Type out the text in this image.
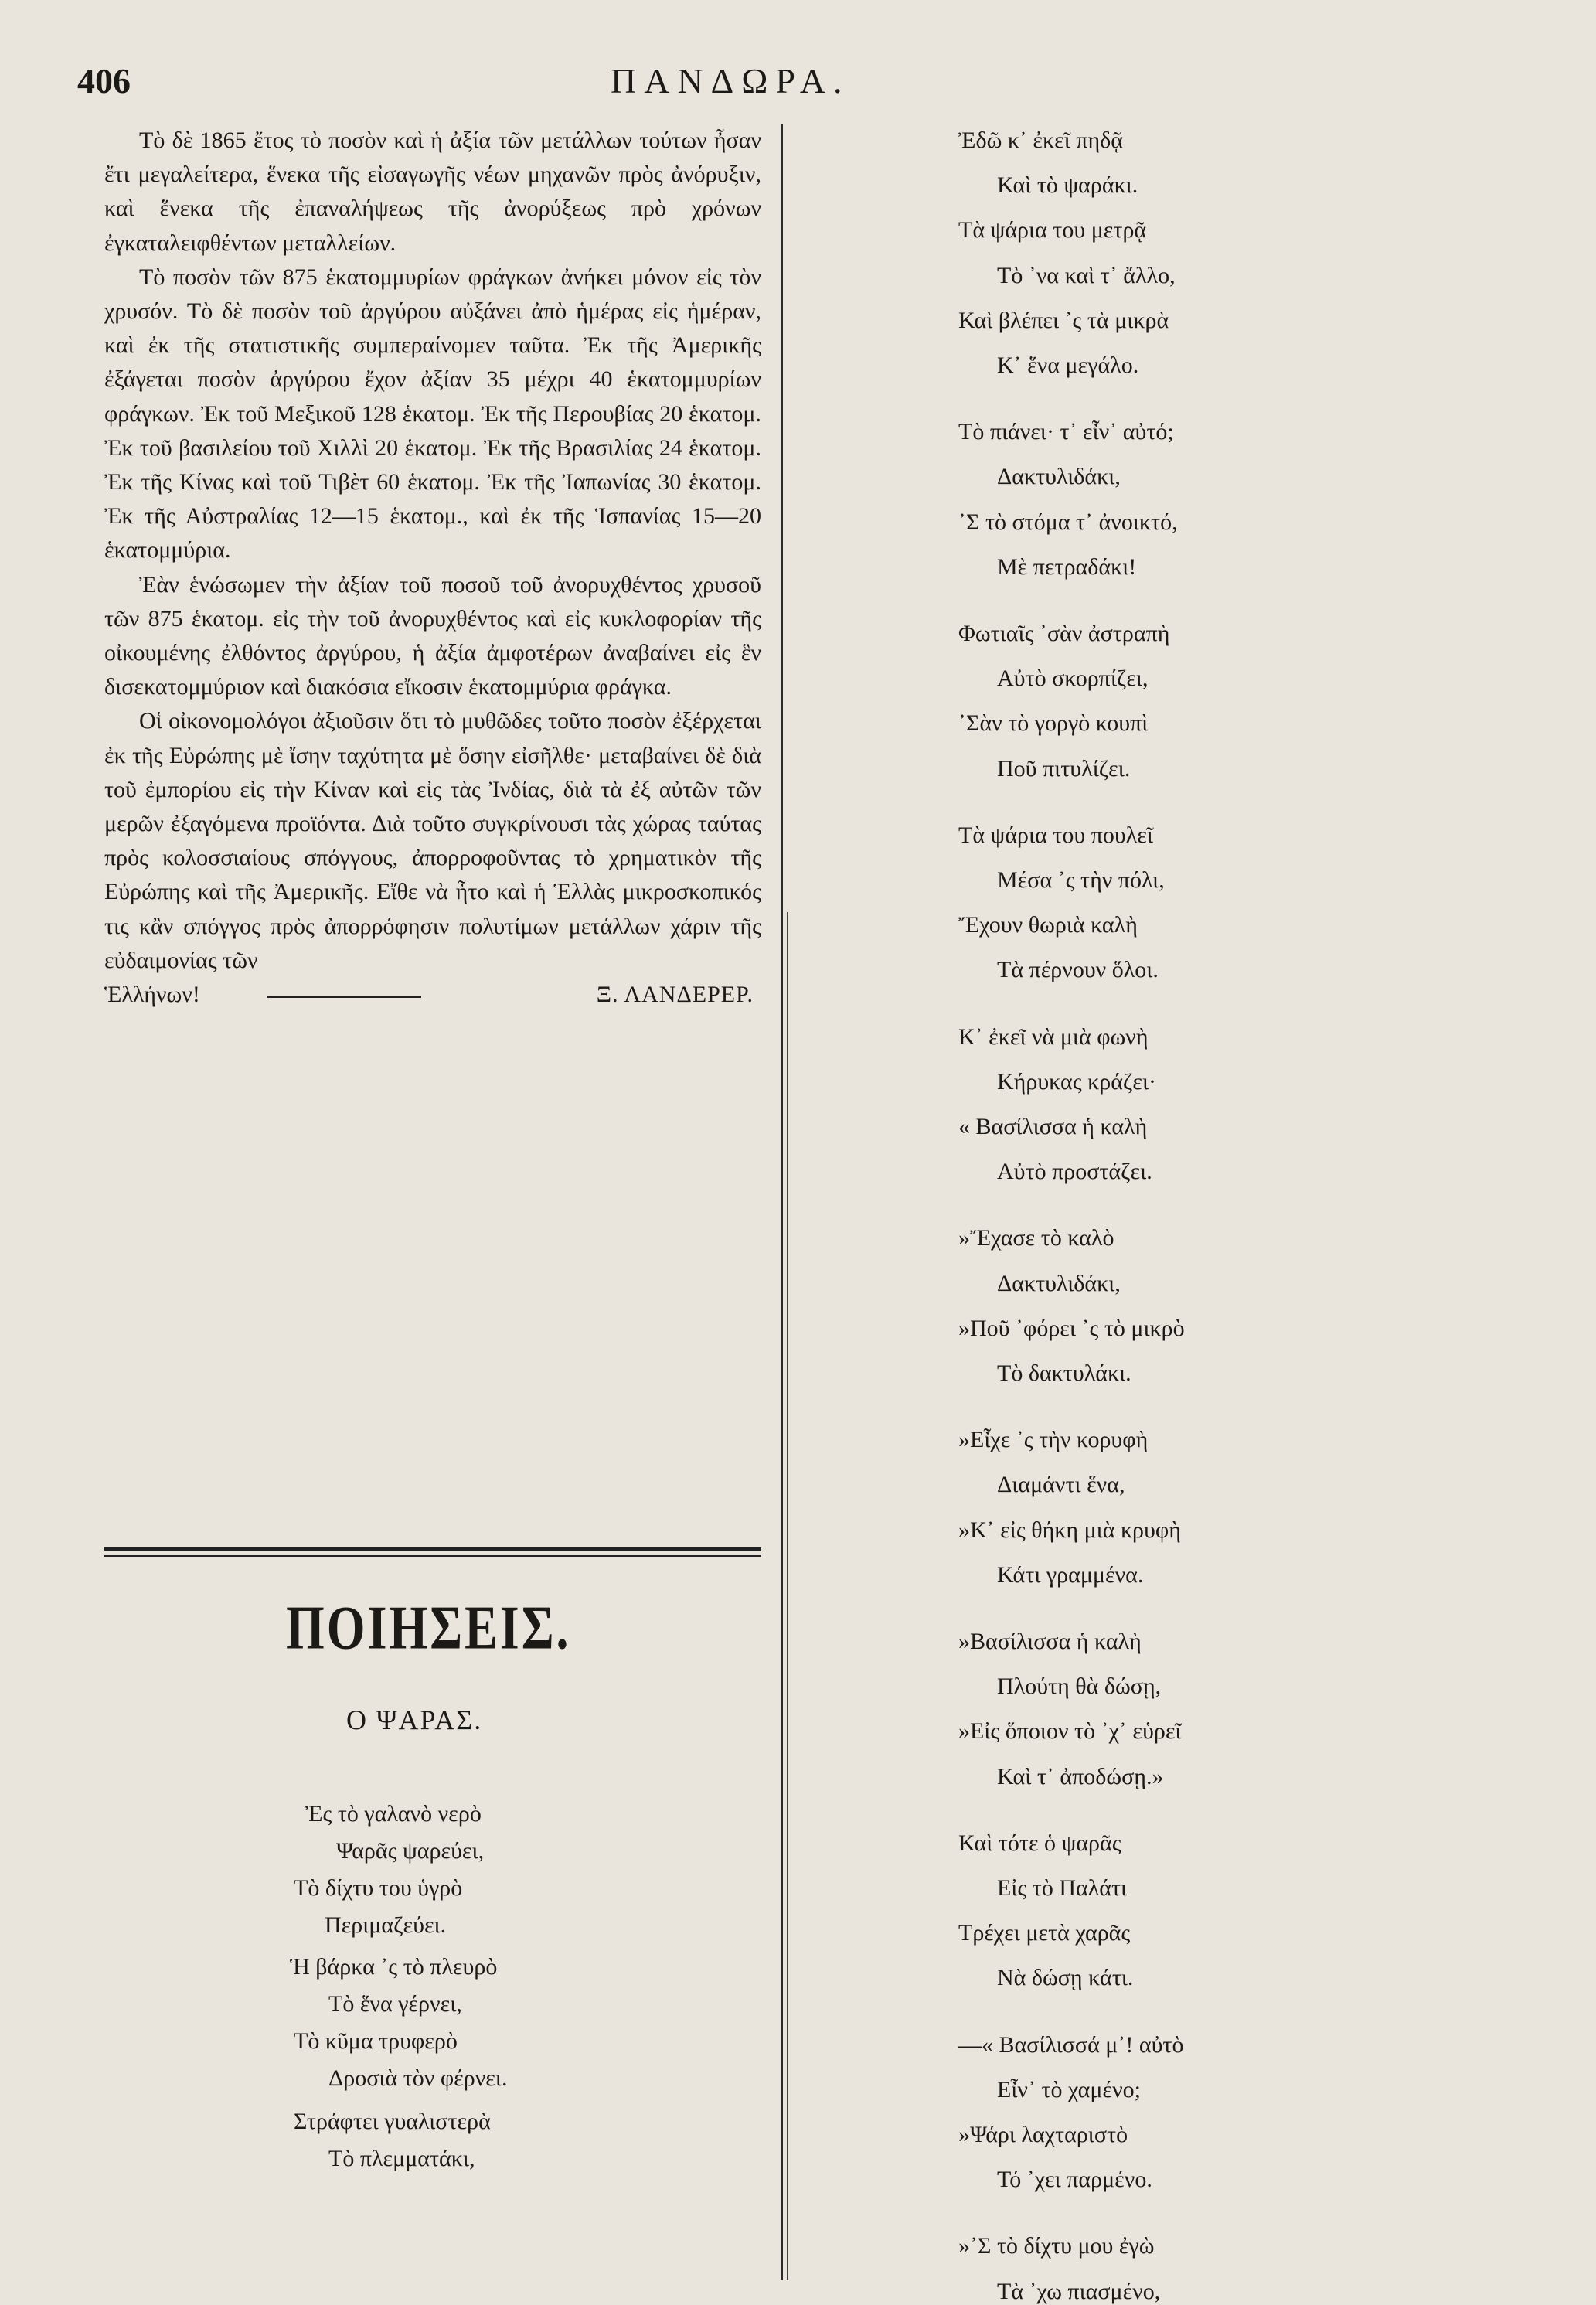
406	ΠΑΝΔΩΡΑ.

Τὸ δὲ 1865 ἔτος τὸ ποσὸν καὶ ἡ ἀξία τῶν μετάλλων τούτων ἦσαν ἔτι μεγαλείτερα, ἕνεκα τῆς εἰσαγωγῆς νέων μηχανῶν πρὸς ἀνόρυξιν, καὶ ἕνεκα τῆς ἐπαναλήψεως τῆς ἀνορύξεως πρὸ χρόνων ἐγκαταλειφθέντων μεταλλείων.

Τὸ ποσὸν τῶν 875 ἑκατομμυρίων φράγκων ἀνήκει μόνον εἰς τὸν χρυσόν. Τὸ δὲ ποσὸν τοῦ ἀργύρου αὐξάνει ἀπὸ ἡμέρας εἰς ἡμέραν, καὶ ἐκ τῆς στατιστικῆς συμπεραίνομεν ταῦτα. Ἐκ τῆς Ἀμερικῆς ἐξάγεται ποσὸν ἀργύρου ἔχον ἀξίαν 35 μέχρι 40 ἑκατομμυρίων φράγκων. Ἐκ τοῦ Μεξικοῦ 128 ἑκατομ. Ἐκ τῆς Περουβίας 20 ἑκατομ. Ἐκ τοῦ βασιλείου τοῦ Χιλλὶ 20 ἑκατομ. Ἐκ τῆς Βρασιλίας 24 ἑκατομ. Ἐκ τῆς Κίνας καὶ τοῦ Τιβὲτ 60 ἑκατομ. Ἐκ τῆς Ἰαπωνίας 30 ἑκατομ. Ἐκ τῆς Αὐστραλίας 12—15 ἑκατομ., καὶ ἐκ τῆς Ἱσπανίας 15—20 ἑκατομμύρια.

Ἐὰν ἑνώσωμεν τὴν ἀξίαν τοῦ ποσοῦ τοῦ ἀνορυχθέντος χρυσοῦ τῶν 875 ἑκατομ. εἰς τὴν τοῦ ἀνορυχθέντος καὶ εἰς κυκλοφορίαν τῆς οἰκουμένης ἐλθόντος ἀργύρου, ἡ ἀξία ἀμφοτέρων ἀναβαίνει εἰς ἓν δισεκατομμύριον καὶ διακόσια εἴκοσιν ἑκατομμύρια φράγκα.

Οἱ οἰκονομολόγοι ἀξιοῦσιν ὅτι τὸ μυθῶδες τοῦτο ποσὸν ἐξέρχεται ἐκ τῆς Εὐρώπης μὲ ἴσην ταχύτητα μὲ ὅσην εἰσῆλθε· μεταβαίνει δὲ διὰ τοῦ ἐμπορίου εἰς τὴν Κίναν καὶ εἰς τὰς Ἰνδίας, διὰ τὰ ἐξ αὐτῶν τῶν μερῶν ἐξαγόμενα προϊόντα. Διὰ τοῦτο συγκρίνουσι τὰς χώρας ταύτας πρὸς κολοσσιαίους σπόγγους, ἀπορροφοῦντας τὸ χρηματικὸν τῆς Εὐρώπης καὶ τῆς Ἀμερικῆς. Εἴθε νὰ ἦτο καὶ ἡ Ἑλλὰς μικροσκοπικός τις κἂν σπόγγος πρὸς ἀπορρόφησιν πολυτίμων μετάλλων χάριν τῆς εὐδαιμονίας τῶν

Ἑλλήνων!	Ξ. ΛΑΝΔΕΡΕΡ.
ΠΟΙΗΣΕΙΣ.
Ο ΨΑΡΑΣ.
Ἐς τὸ γαλανὸ νερὸ
Ψαρᾶς ψαρεύει,
Τὸ δίχτυ του ὑγρὸ
Περιμαζεύει.
Ἡ βάρκα ᾽ς τὸ πλευρὸ
Τὸ ἕνα γέρνει,
Τὸ κῦμα τρυφερὸ
Δροσιὰ τὸν φέρνει.
Στράφτει γυαλιστερὰ
Τὸ πλεμματάκι,
Ἐδῶ κ᾽ ἐκεῖ πηδᾷ
Καὶ τὸ ψαράκι.
Τὰ ψάρια του μετρᾷ
Τὸ ᾽να καὶ τ᾽ ἄλλο,
Καὶ βλέπει ᾽ς τὰ μικρὰ
Κ᾽ ἕνα μεγάλο.
Τὸ πιάνει· τ᾽ εἶν᾽ αὐτό;
Δακτυλιδάκι,
᾽Σ τὸ στόμα τ᾽ ἀνοικτό,
Μὲ πετραδάκι!
Φωτιαῖς ᾽σὰν ἀστραπὴ
Αὐτὸ σκορπίζει,
᾽Σὰν τὸ γοργὸ κουπὶ
Ποῦ πιτυλίζει.
Τὰ ψάρια του πουλεῖ
Μέσα ᾽ς τὴν πόλι,
Ἔχουν θωριὰ καλὴ
Τὰ πέρνουν ὅλοι.
Κ᾽ ἐκεῖ νὰ μιὰ φωνὴ
Κήρυκας κράζει·
« Βασίλισσα ἡ καλὴ
Αὐτὸ προστάζει.
»Ἔχασε τὸ καλὸ
Δακτυλιδάκι,
»Ποῦ ᾽φόρει ᾽ς τὸ μικρὸ
Τὸ δακτυλάκι.
»Εἶχε ᾽ς τὴν κορυφὴ
Διαμάντι ἕνα,
»Κ᾽ εἰς θήκη μιὰ κρυφὴ
Κάτι γραμμένα.
»Βασίλισσα ἡ καλὴ
Πλούτη θὰ δώσῃ,
»Εἰς ὅποιον τὸ ᾽χ᾽ εὑρεῖ
Καὶ τ᾽ ἀποδώσῃ.»
Καὶ τότε ὁ ψαρᾶς
Εἰς τὸ Παλάτι
Τρέχει μετὰ χαρᾶς
Νὰ δώσῃ κάτι.
—« Βασίλισσά μ᾽! αὐτὸ
Εἶν᾽ τὸ χαμένο;
»Ψάρι λαχταριστὸ
Τό ᾽χει παρμένο.
»᾽Σ τὸ δίχτυ μου ἐγὼ
Τὰ ᾽χω πιασμένο,
